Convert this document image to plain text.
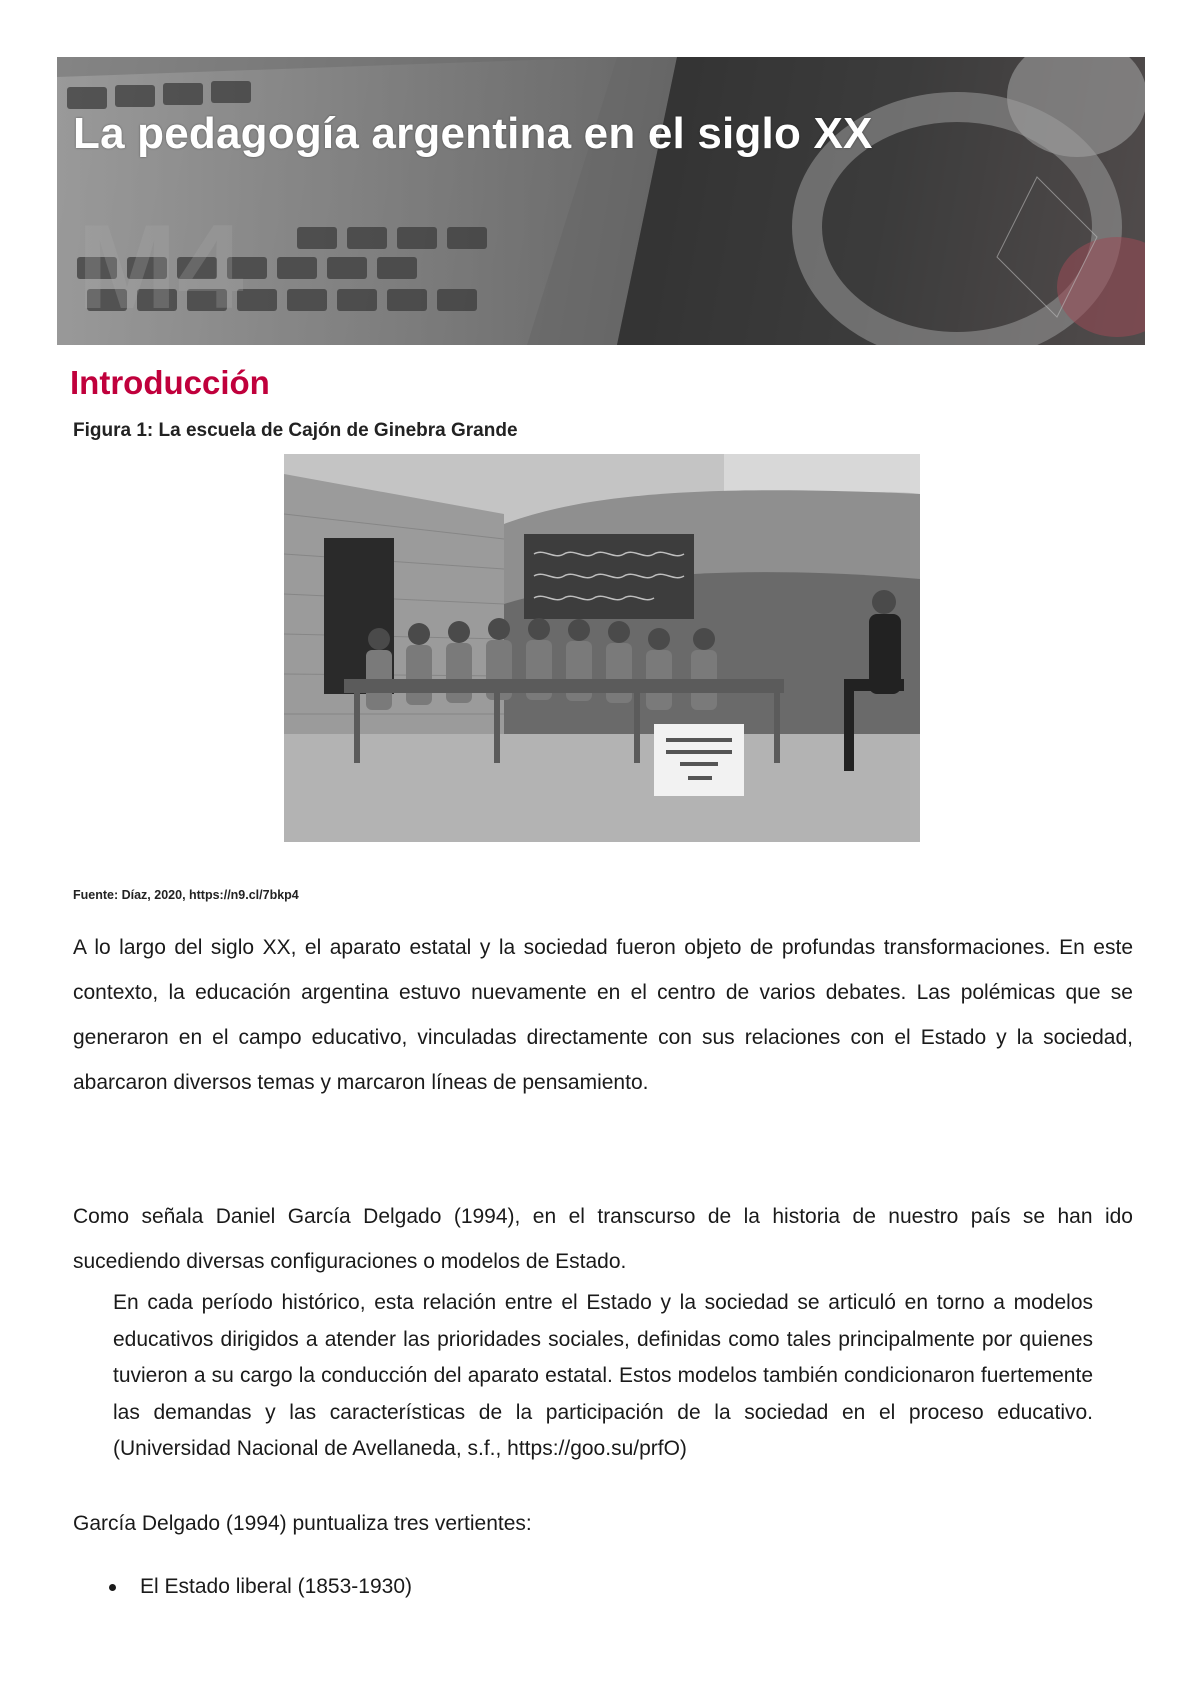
M4
La pedagogía argentina en el siglo XX
Introducción
Figura 1: La escuela de Cajón de Ginebra Grande
Fuente: Díaz, 2020, https://n9.cl/7bkp4
A lo largo del siglo XX, el aparato estatal y la sociedad fueron objeto de profundas transformaciones. En este contexto, la educación argentina estuvo nuevamente en el centro de varios debates. Las polémicas que se generaron en el campo educativo, vinculadas directamente con sus relaciones con el Estado y la sociedad, abarcaron diversos temas y marcaron líneas de pensamiento.
Como señala Daniel García Delgado (1994), en el transcurso de la historia de nuestro país se han ido sucediendo diversas configuraciones o modelos de Estado.
En cada período histórico, esta relación entre el Estado y la sociedad se articuló en torno a modelos educativos dirigidos a atender las prioridades sociales, definidas como tales principalmente por quienes tuvieron a su cargo la conducción del aparato estatal. Estos modelos también condicionaron fuertemente las demandas y las características de la participación de la sociedad en el proceso educativo. (Universidad Nacional de Avellaneda, s.f., https://goo.su/prfO)
García Delgado (1994) puntualiza tres vertientes:
El Estado liberal (1853-1930)
